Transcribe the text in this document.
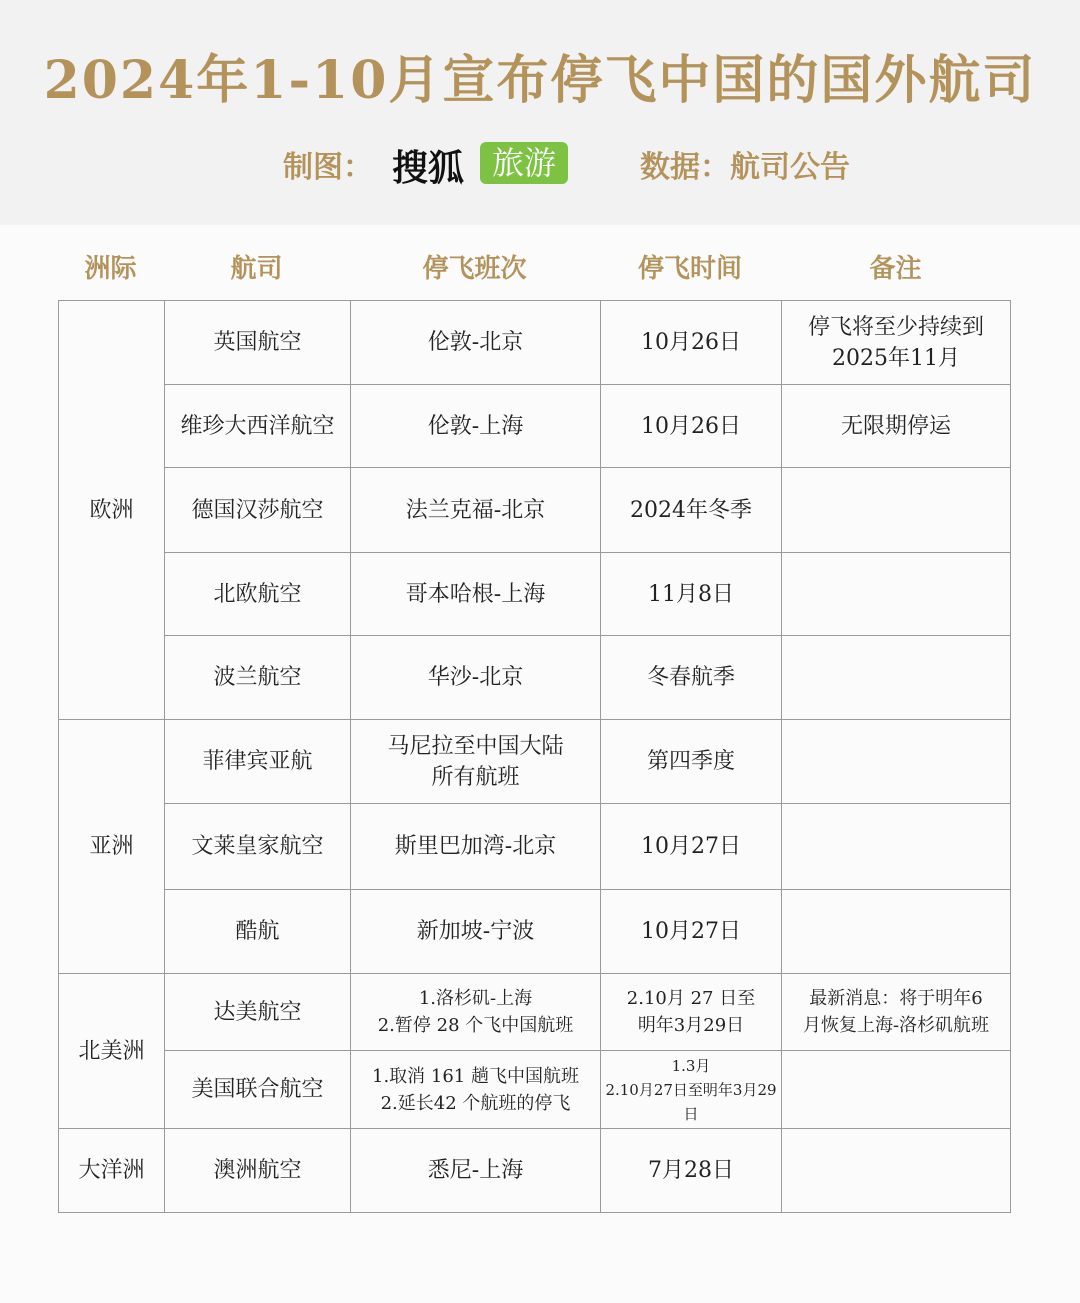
2024年1-10月宣布停飞中国的国外航司
制图： 搜狐 旅游	数据：航司公告
洲际	航司	停飞班次	停飞时间	备注
欧洲	英国航空	伦敦-北京	10月26日	停飞将至少持续到
2025年11月

	维珍大西洋航空	伦敦-上海	10月26日	无限期停运

	德国汉莎航空	法兰克福-北京	2024年冬季	

	北欧航空	哥本哈根-上海	11月8日	

	波兰航空	华沙-北京	冬春航季	

亚洲	菲律宾亚航	马尼拉至中国大陆
所有航班	第四季度	

	文莱皇家航空	斯里巴加湾-北京	10月27日	

	酷航	新加坡-宁波	10月27日	

北美洲	达美航空	1.洛杉矶-上海
2.暂停 28 个飞中国航班	2.10月 27 日至
明年3月29日	最新消息：将于明年6
月恢复上海-洛杉矶航班

	美国联合航空	1.取消 161 趟飞中国航班
2.延长42 个航班的停飞	1.3月
2.10月27日至明年3月29日	

大洋洲	澳洲航空	悉尼-上海	7月28日	
